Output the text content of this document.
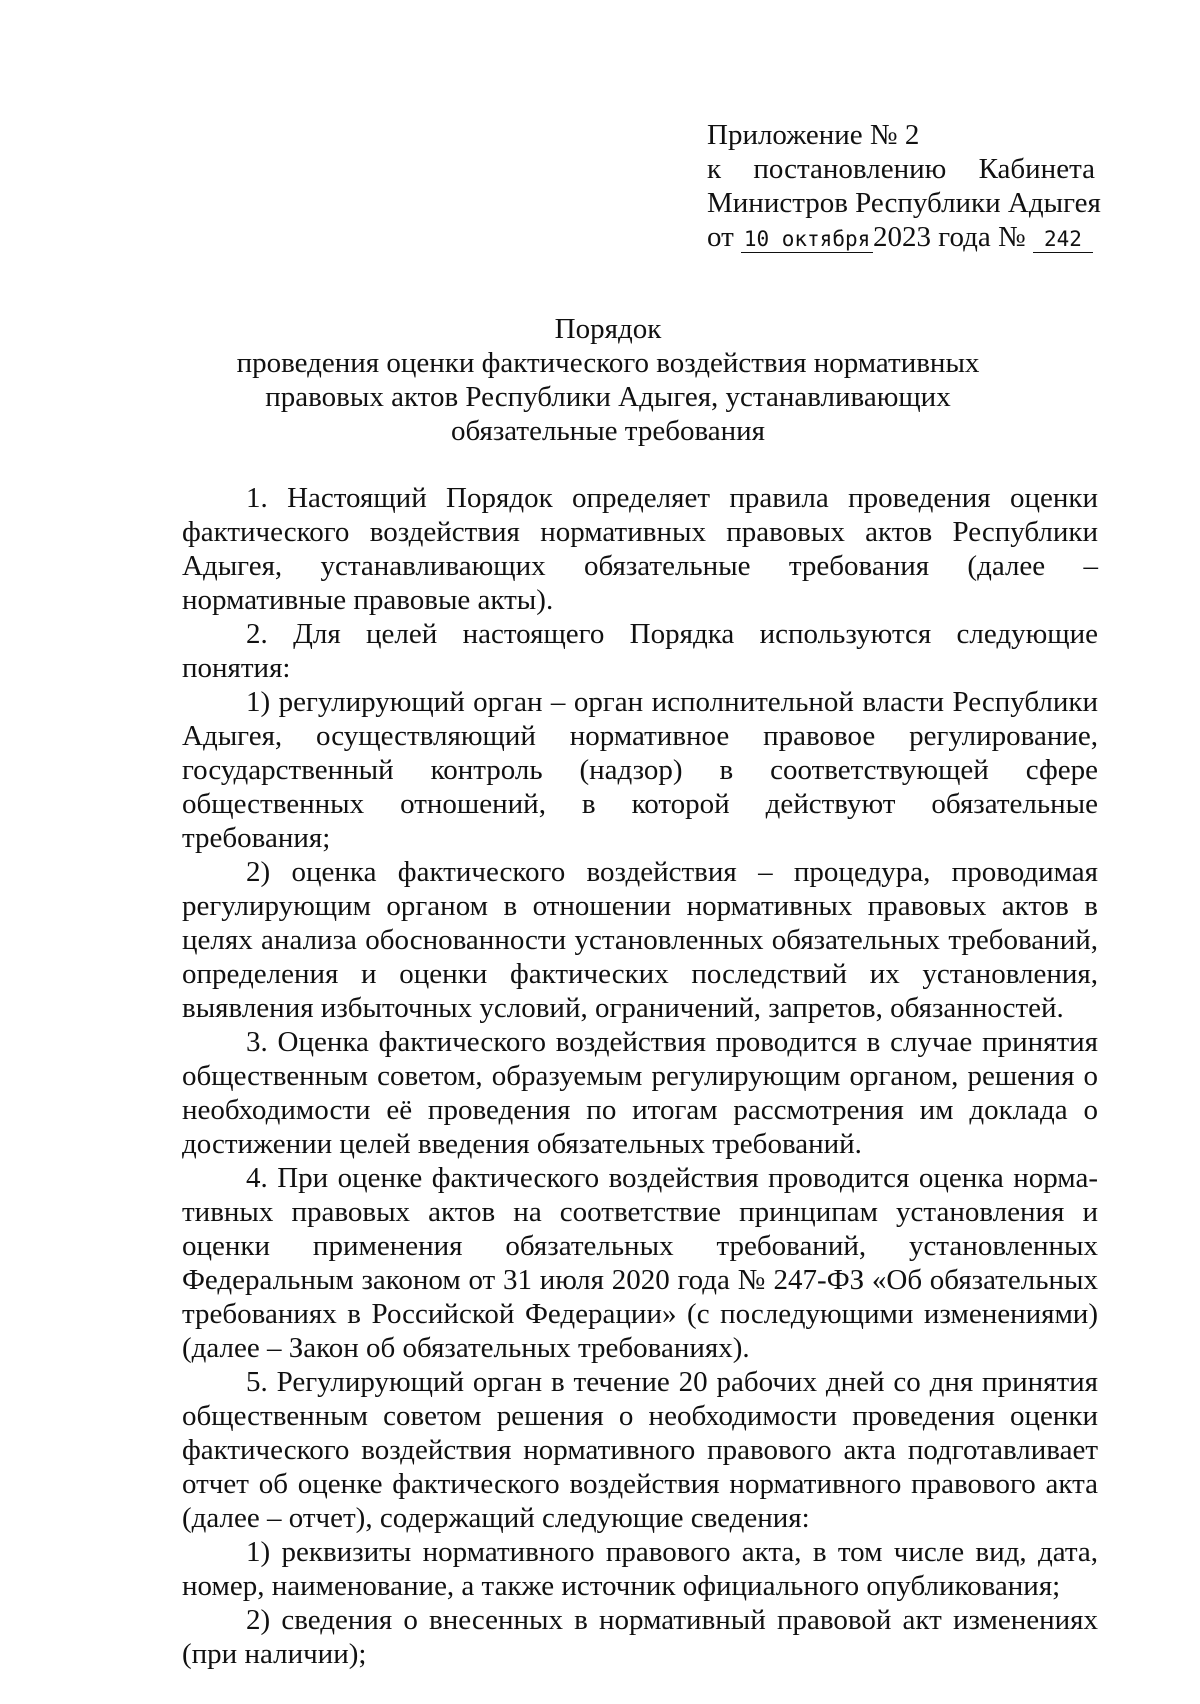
Приложение № 2
к постановлению Кабинета
Министров Республики Адыгея
от 10 октября2023 года № 242
Порядок
проведения оценки фактического воздействия нормативных
правовых актов Республики Адыгея, устанавливающих
обязательные требования

1. Настоящий Порядок определяет правила проведения оценки фактического воздействия нормативных правовых актов Республики Адыгея, устанавливающих обязательные требования (далее – нормативные правовые акты).

2. Для целей настоящего Порядка используются следующие понятия:

1) регулирующий орган – орган исполнительной власти Республики Адыгея, осуществляющий нормативное правовое регулирование, государственный контроль (надзор) в соответствующей сфере общественных отношений, в которой действуют обязательные требования;

2) оценка фактического воздействия – процедура, проводимая регулирующим органом в отношении нормативных правовых актов в целях анализа обоснованности установленных обязательных требований, определения и оценки фактических последствий их установления, выявления избыточных условий, ограничений, запретов, обязанностей.

3. Оценка фактического воздействия проводится в случае принятия общественным советом, образуемым регулирующим органом, решения о необходимости её проведения по итогам рассмотрения им доклада о достижении целей введения обязательных требований.

4. При оценке фактического воздействия проводится оценка нормативных правовых актов на соответствие принципам установления и оценки применения обязательных требований, установленных Федеральным законом от 31 июля 2020 года № 247-ФЗ «Об обязательных требованиях в Российской Федерации» (с последующими изменениями) (далее – Закон об обязательных требованиях).

5. Регулирующий орган в течение 20 рабочих дней со дня принятия общественным советом решения о необходимости проведения оценки фактического воздействия нормативного правового акта подготавливает отчет об оценке фактического воздействия нормативного правового акта (далее – отчет), содержащий следующие сведения:

1) реквизиты нормативного правового акта, в том числе вид, дата, номер, наименование, а также источник официального опубликования;

2) сведения о внесенных в нормативный правовой акт изменениях (при наличии);
